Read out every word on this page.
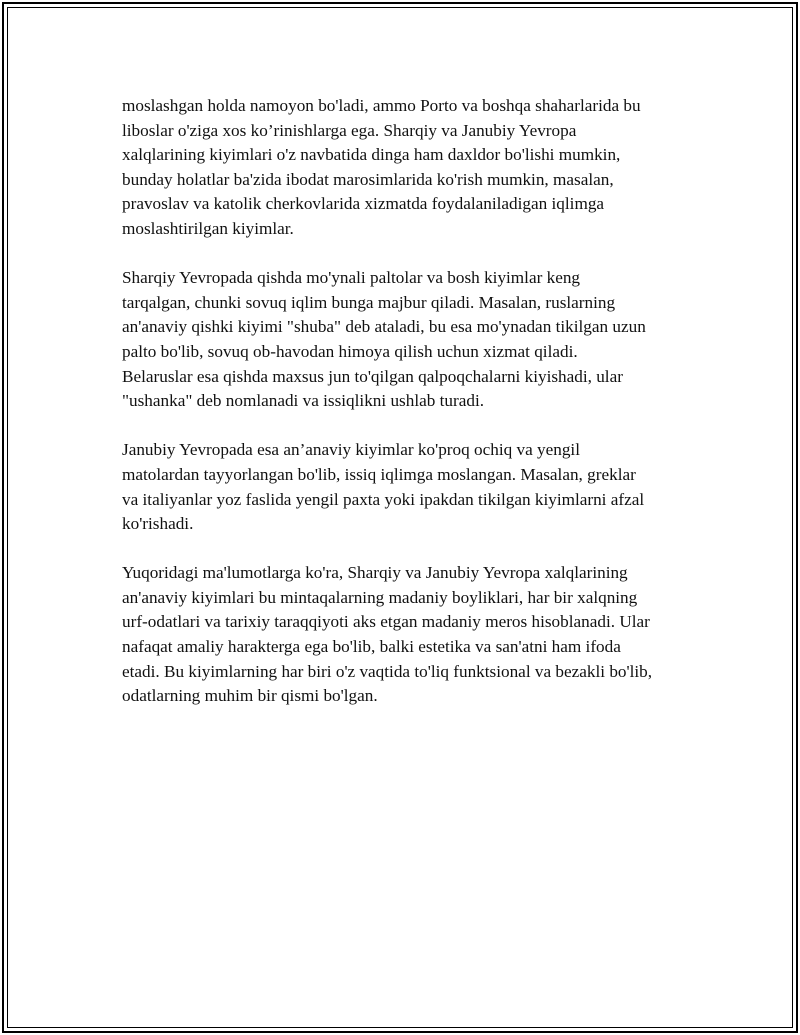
moslashgan holda namoyon bo'ladi, ammo Porto va boshqa shaharlarida bu
liboslar o'ziga xos ko’rinishlarga ega. Sharqiy va Janubiy Yevropa
xalqlarining kiyimlari o'z navbatida dinga ham daxldor bo'lishi mumkin,
bunday holatlar ba'zida ibodat marosimlarida ko'rish mumkin, masalan,
pravoslav va katolik cherkovlarida xizmatda foydalaniladigan iqlimga
moslashtirilgan kiyimlar.

Sharqiy Yevropada qishda mo'ynali paltolar va bosh kiyimlar keng
tarqalgan, chunki sovuq iqlim bunga majbur qiladi. Masalan, ruslarning
an'anaviy qishki kiyimi "shuba" deb ataladi, bu esa mo'ynadan tikilgan uzun
palto bo'lib, sovuq ob-havodan himoya qilish uchun xizmat qiladi.
Belaruslar esa qishda maxsus jun to'qilgan qalpoqchalarni kiyishadi, ular
"ushanka" deb nomlanadi va issiqlikni ushlab turadi.

Janubiy Yevropada esa an’anaviy kiyimlar ko'proq ochiq va yengil
matolardan tayyorlangan bo'lib, issiq iqlimga moslangan. Masalan, greklar
va italiyanlar yoz faslida yengil paxta yoki ipakdan tikilgan kiyimlarni afzal
ko'rishadi.

Yuqoridagi ma'lumotlarga ko'ra, Sharqiy va Janubiy Yevropa xalqlarining
an'anaviy kiyimlari bu mintaqalarning madaniy boyliklari, har bir xalqning
urf-odatlari va tarixiy taraqqiyoti aks etgan madaniy meros hisoblanadi. Ular
nafaqat amaliy harakterga ega bo'lib, balki estetika va san'atni ham ifoda
etadi. Bu kiyimlarning har biri o'z vaqtida to'liq funktsional va bezakli bo'lib,
odatlarning muhim bir qismi bo'lgan.
